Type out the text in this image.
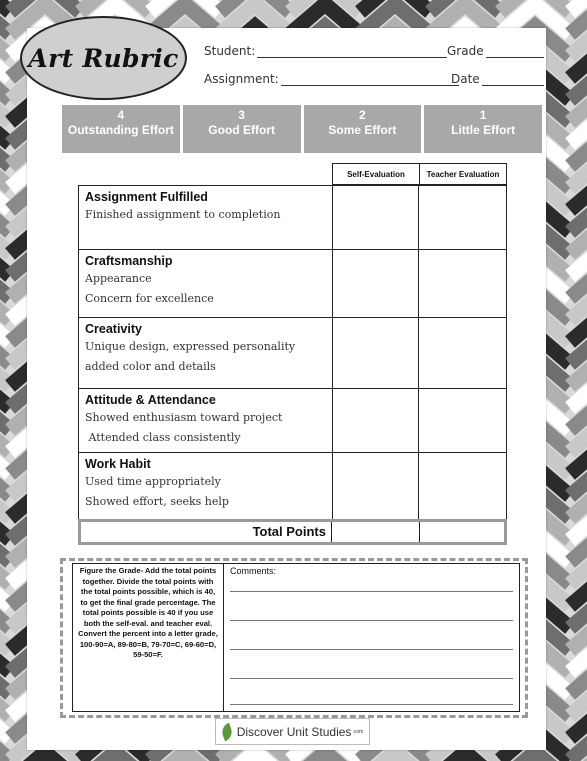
Art Rubric Student:	Grade
Assignment:	Date
4
Outstanding Effort
3
Good Effort
2
Some Effort
1
Little Effort
Self-Evaluation	Teacher Evaluation
Assignment Fulfilled
Finished assignment to completion		

Craftsmanship
Appearance
Concern for excellence		

Creativity
Unique design, expressed personality
added color and details		

Attitude & Attendance
Showed enthusiasm toward project
Attended class consistently		

Work Habit
Used time appropriately
Showed effort, seeks help		

Total Points
Figure the Grade- Add the total points together. Divide the total points with the total points possible, which is 40, to get the final grade percentage. The total points possible is 40 if you use both the self-eval. and teacher eval. Convert the percent into a letter grade, 100-90=A, 89-80=B, 79-70=C, 69-60=D, 59-50=F.
Comments:
Discover Unit Studies .com
